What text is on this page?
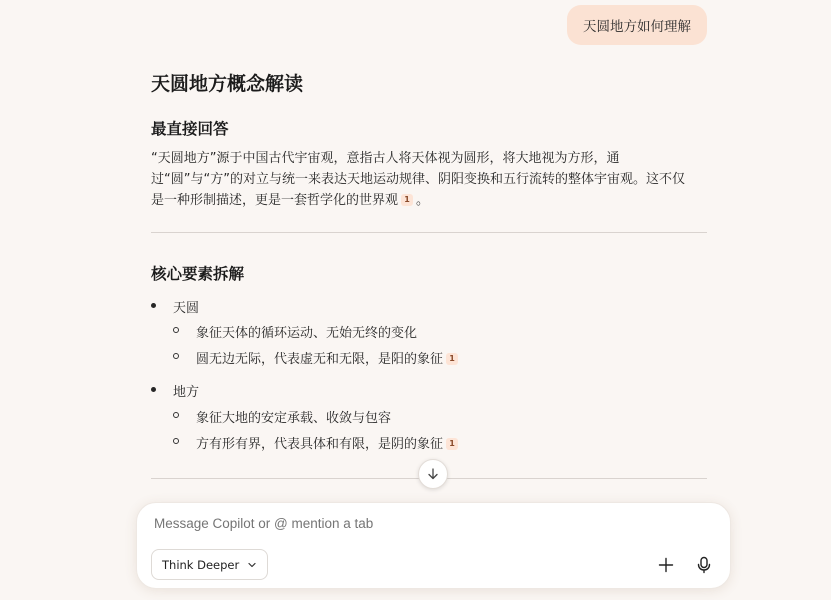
天圆地方如何理解
天圆地方概念解读
最直接回答
“天圆地方”源于中国古代宇宙观，意指古人将天体视为圆形，将大地视为方形，通
过“圆”与“方”的对立与统一来表达天地运动规律、阴阳变换和五行流转的整体宇宙观。这不仅
是一种形制描述，更是一套哲学化的世界观 1 。
核心要素拆解
天圆
象征天体的循环运动、无始无终的变化
圆无边无际，代表虚无和无限，是阳的象征 1
地方
象征大地的安定承载、收敛与包容
方有形有界，代表具体和有限，是阴的象征 1
Message Copilot or @ mention a tab
Think Deeper
